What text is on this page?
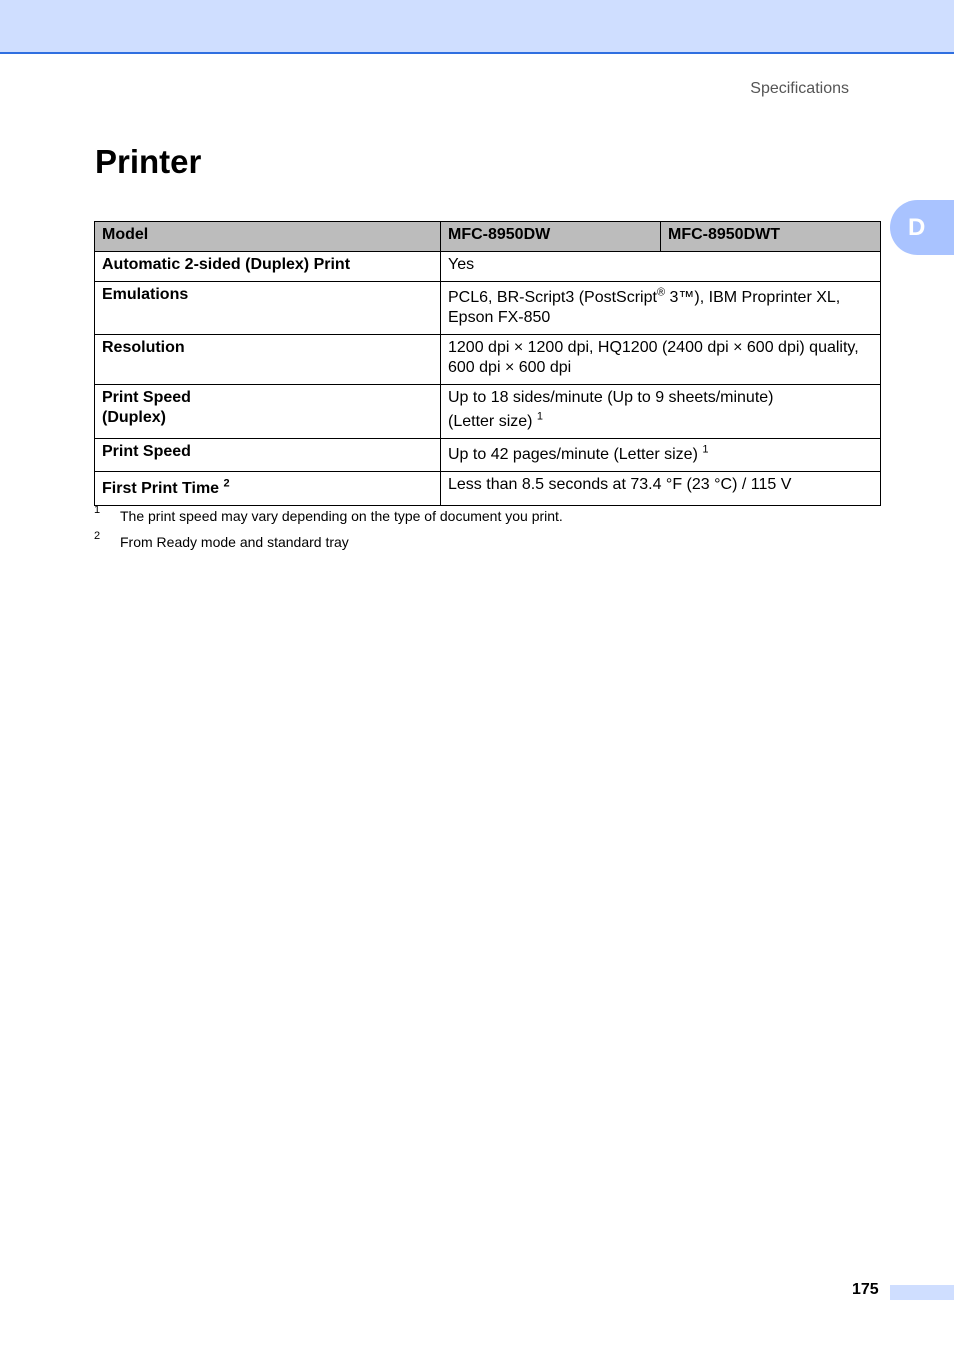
Specifications
Printer
D
Model	MFC-8950DW	MFC-8950DWT
Automatic 2-sided (Duplex) Print	Yes	
Emulations	PCL6, BR-Script3 (PostScript® 3™), IBM Proprinter XL,
Epson FX-850	
Resolution	1200 dpi × 1200 dpi, HQ1200 (2400 dpi × 600 dpi) quality,
600 dpi × 600 dpi	
Print Speed
(Duplex)	Up to 18 sides/minute (Up to 9 sheets/minute)
(Letter size) $^1$
Print Speed	Up to 42 pages/minute (Letter size) $^1$
First Print Time $^2$	Less than 8.5 seconds at 73.4 °F (23 °C) / 115 V	
1 The print speed may vary depending on the type of document you print.
2 From Ready mode and standard tray
175
